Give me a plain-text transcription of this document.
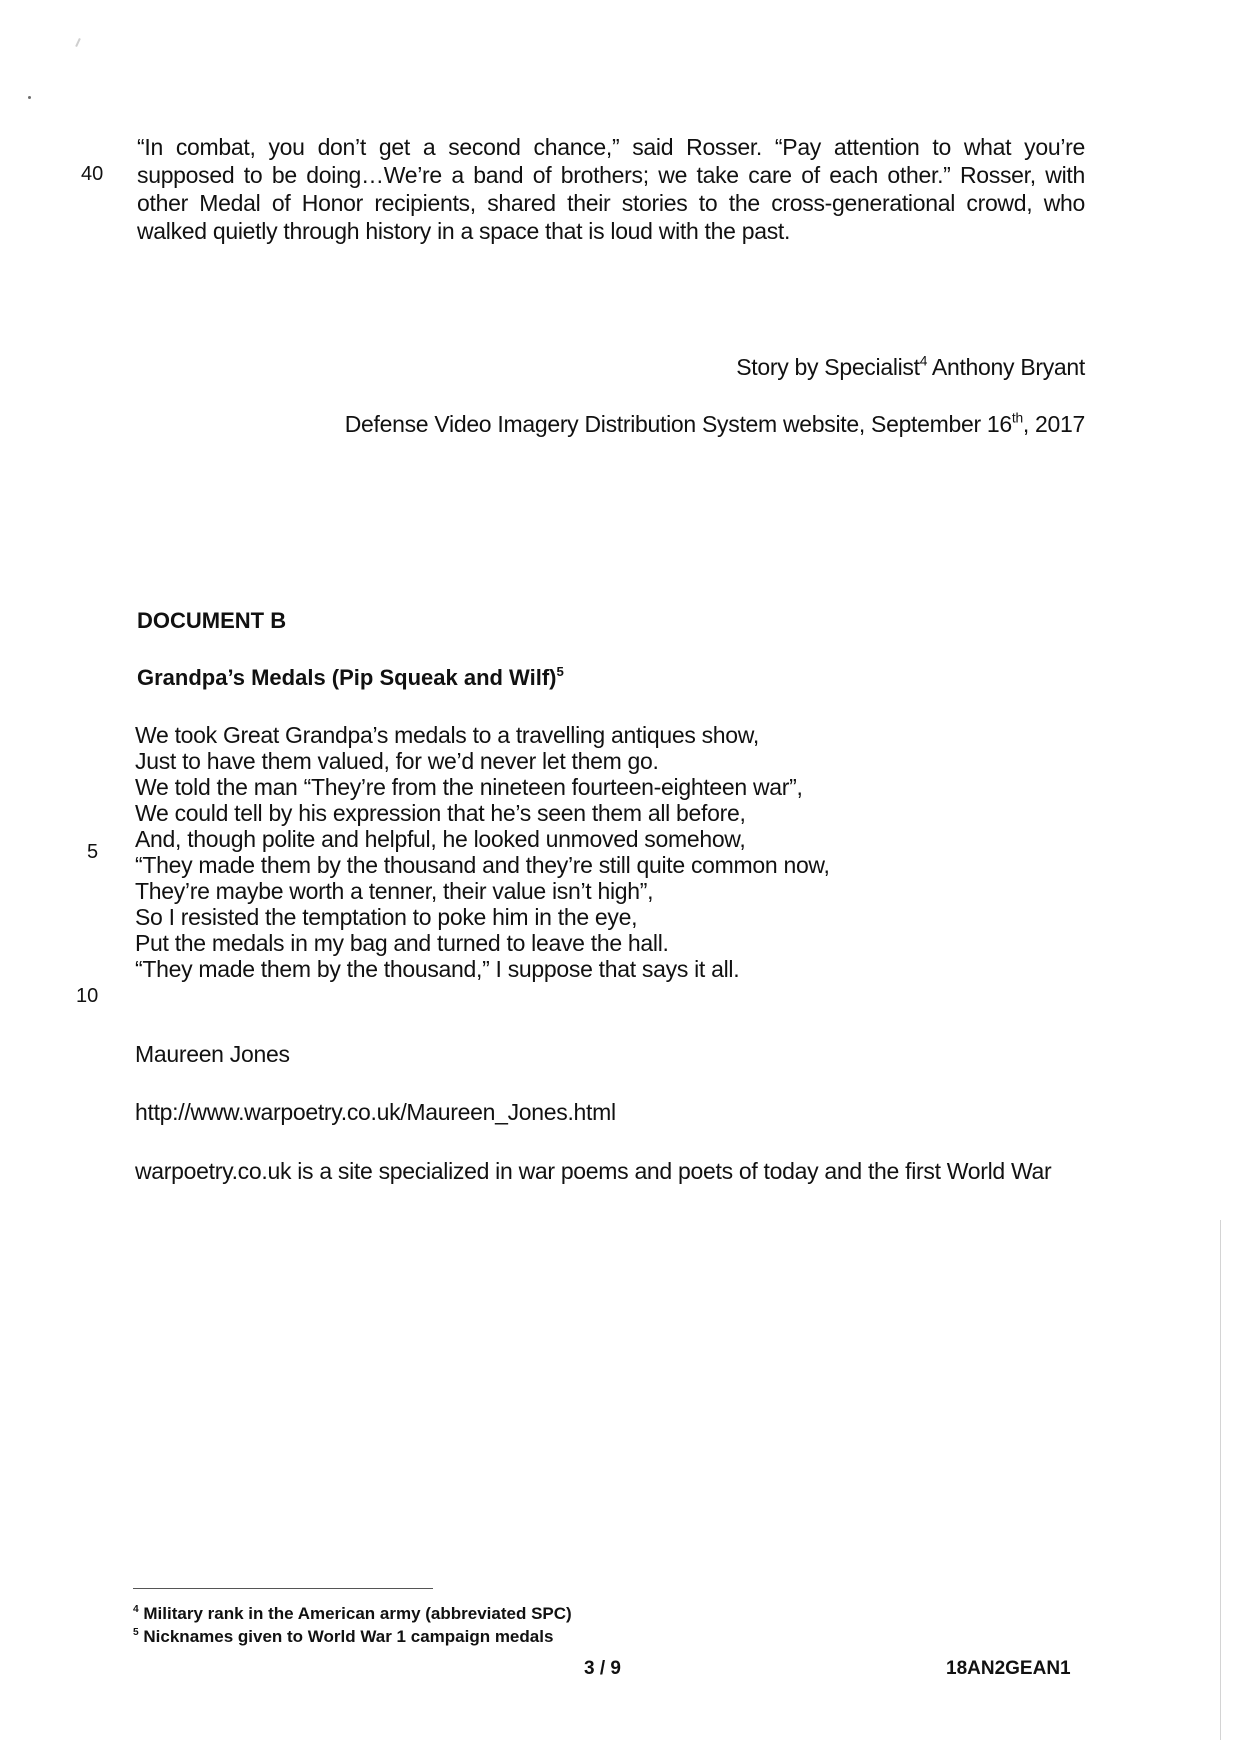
40
“In combat, you don’t get a second chance,” said Rosser. “Pay attention to what you’re supposed to be doing…We’re a band of brothers; we take care of each other.” Rosser, with other Medal of Honor recipients, shared their stories to the cross-generational crowd, who walked quietly through history in a space that is loud with the past.
Story by Specialist$^4$ Anthony Bryant
Defense Video Imagery Distribution System website, September 16th, 2017
DOCUMENT B
Grandpa’s Medals (Pip Squeak and Wilf)$^5$
5
10
We took Great Grandpa’s medals to a travelling antiques show,
Just to have them valued, for we’d never let them go.
We told the man “They’re from the nineteen fourteen-eighteen war”,
We could tell by his expression that he’s seen them all before,
And, though polite and helpful, he looked unmoved somehow,
“They made them by the thousand and they’re still quite common now,
They’re maybe worth a tenner, their value isn’t high”,
So I resisted the temptation to poke him in the eye,
Put the medals in my bag and turned to leave the hall.
“They made them by the thousand,” I suppose that says it all.
Maureen Jones
http://www.warpoetry.co.uk/Maureen_Jones.html
warpoetry.co.uk is a site specialized in war poems and poets of today and the first World War
$^4$ Military rank in the American army (abbreviated SPC)
$^5$ Nicknames given to World War 1 campaign medals
3 / 9	18AN2GEAN1
